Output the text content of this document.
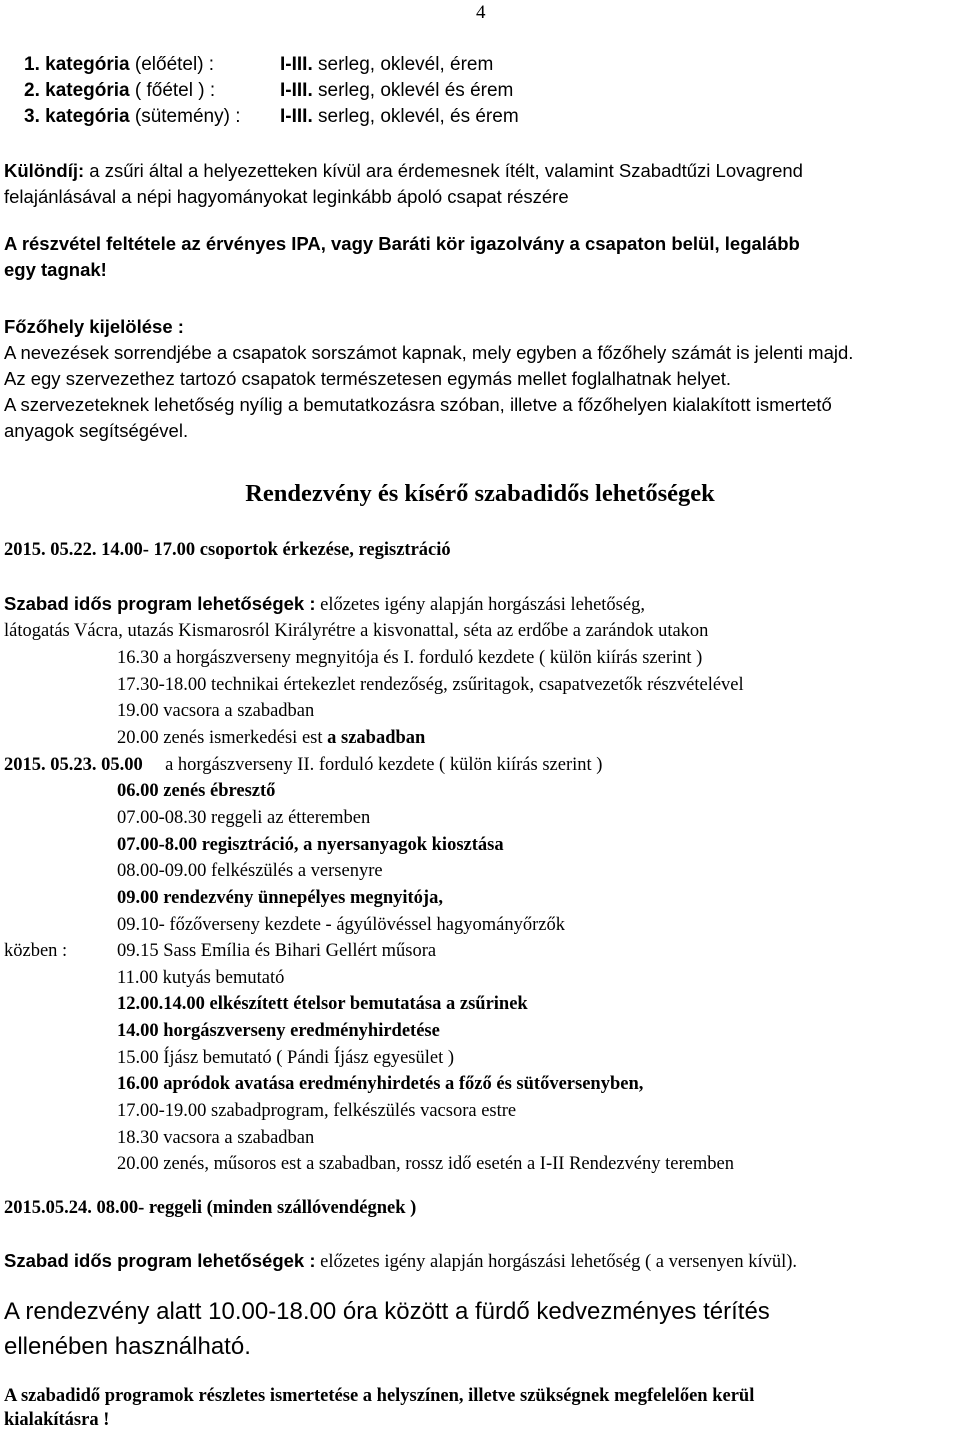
4
1. kategória (előétel) :	I-III. serleg, oklevél, érem
2. kategória ( főétel ) :	I-III. serleg, oklevél és érem
3. kategória (sütemény) :	I-III. serleg, oklevél, és érem
Különdíj: a zsűri által a helyezetteken kívül ara érdemesnek ítélt, valamint Szabadtűzi Lovagrend
felajánlásával a népi hagyományokat leginkább ápoló csapat részére
A részvétel feltétele az érvényes IPA, vagy Baráti kör igazolvány a csapaton belül, legalább
egy tagnak!
Főzőhely kijelölése :
A nevezések sorrendjébe a csapatok sorszámot kapnak, mely egyben a főzőhely számát is jelenti majd.
Az egy szervezethez tartozó csapatok természetesen egymás mellet foglalhatnak helyet.
A szervezeteknek lehetőség nyílig a bemutatkozásra szóban, illetve a főzőhelyen kialakított ismertető
anyagok segítségével.
Rendezvény és kísérő szabadidős lehetőségek
2015. 05.22. 14.00- 17.00 csoportok érkezése, regisztráció
Szabad idős program lehetőségek : előzetes igény alapján horgászási lehetőség,
látogatás Vácra, utazás Kismarosról Királyrétre a kisvonattal, séta az erdőbe a zarándok utakon
16.30 a horgászverseny megnyitója és I. forduló kezdete ( külön kiírás szerint )
17.30-18.00 technikai értekezlet rendezőség, zsűritagok, csapatvezetők részvételével
19.00 vacsora a szabadban
20.00 zenés ismerkedési est a szabadban
2015. 05.23. 05.00 a horgászverseny II. forduló kezdete ( külön kiírás szerint )
06.00 zenés ébresztő
07.00-08.30 reggeli az étteremben
07.00-8.00 regisztráció, a nyersanyagok kiosztása
08.00-09.00 felkészülés a versenyre
09.00 rendezvény ünnepélyes megnyitója,
09.10- főzőverseny kezdete - ágyúlövéssel hagyományőrzők
közben :	09.15 Sass Emília és Bihari Gellért műsora
11.00 kutyás bemutató
12.00.14.00 elkészített ételsor bemutatása a zsűrinek
14.00 horgászverseny eredményhirdetése
15.00 Íjász bemutató ( Pándi Íjász egyesület )
16.00 apródok avatása eredményhirdetés a főző és sütőversenyben,
17.00-19.00 szabadprogram, felkészülés vacsora estre
18.30 vacsora a szabadban
20.00 zenés, műsoros est a szabadban, rossz idő esetén a I-II Rendezvény teremben
2015.05.24. 08.00- reggeli (minden szállóvendégnek )
Szabad idős program lehetőségek : előzetes igény alapján horgászási lehetőség ( a versenyen kívül).
A rendezvény alatt 10.00-18.00 óra között a fürdő kedvezményes térítés
ellenében használható.
A szabadidő programok részletes ismertetése a helyszínen, illetve szükségnek megfelelően kerül
kialakításra !
